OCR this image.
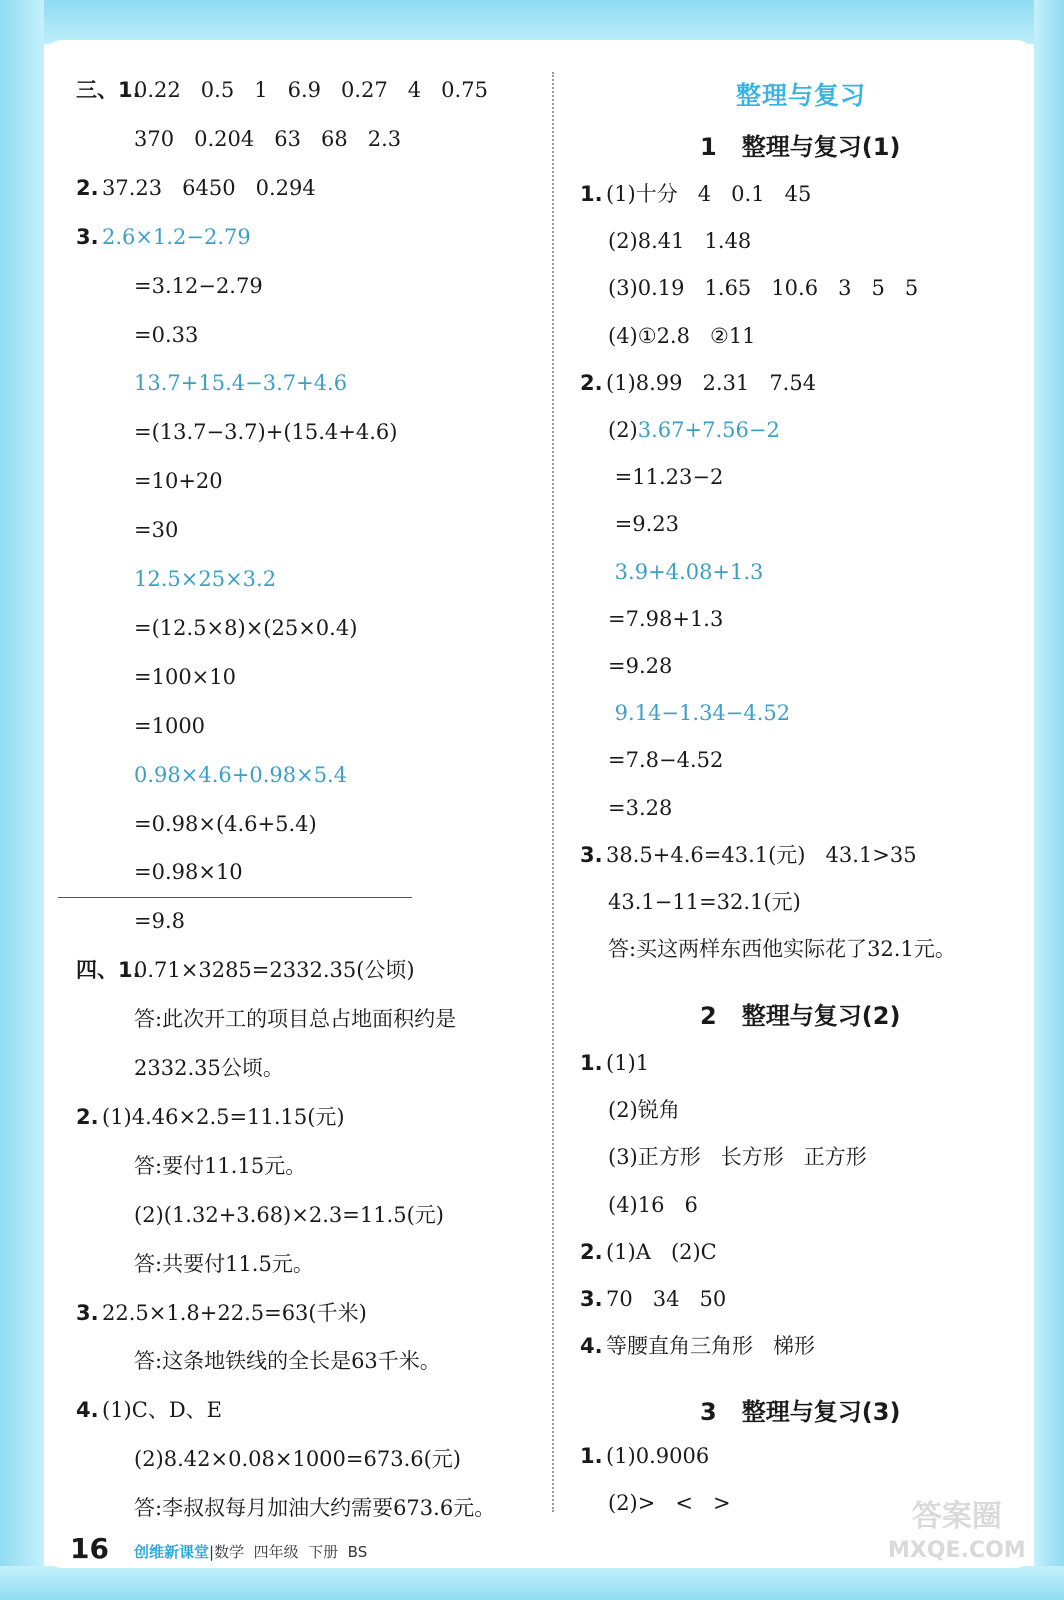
三、1.
0.22   0.5   1   6.9   0.27   4   0.75
370   0.204   63   68   2.3
2. 37.23   6450   0.294
3. 2.6×1.2−2.79
=3.12−2.79
=0.33
13.7+15.4−3.7+4.6
=(13.7−3.7)+(15.4+4.6)
=10+20
=30
12.5×25×3.2
=(12.5×8)×(25×0.4)
=100×10
=1000
0.98×4.6+0.98×5.4
=0.98×(4.6+5.4)
=0.98×10
=9.8
四、1.
0.71×3285=2332.35(公顷)
答:此次开工的项目总占地面积约是
2332.35公顷。
2. (1)4.46×2.5=11.15(元)
答:要付11.15元。
(2)(1.32+3.68)×2.3=11.5(元)
答:共要付11.5元。
3. 22.5×1.8+22.5=63(千米)
答:这条地铁线的全长是63千米。
4. (1)C、D、E
(2)8.42×0.08×1000=673.6(元)
答:李叔叔每月加油大约需要673.6元。
1. (1)十分   4   0.1   45
(2)8.41   1.48
(3)0.19   1.65   10.6   3   5   5
(4)①2.8   ②11
2. (1)8.99   2.31   7.54
(2)3.67+7.56−2
=11.23−2
=9.23
3.9+4.08+1.3
=7.98+1.3
=9.28
9.14−1.34−4.52
=7.8−4.52
=3.28
3. 38.5+4.6=43.1(元)   43.1>35
43.1−11=32.1(元)
答:买这两样东西他实际花了32.1元。
1. (1)1
(2)锐角
(3)正方形   长方形   正方形
(4)16   6
2. (1)A   (2)C
3. 70   34   50
4. 等腰直角三角形   梯形
1. (1)0.9006
(2)>   <   >
整理与复习
1 整理与复习(1)
2 整理与复习(2)
3 整理与复习(3)
16 创维新课堂|数学  四年级  下册  BS
答案圈
MXQE.COM
